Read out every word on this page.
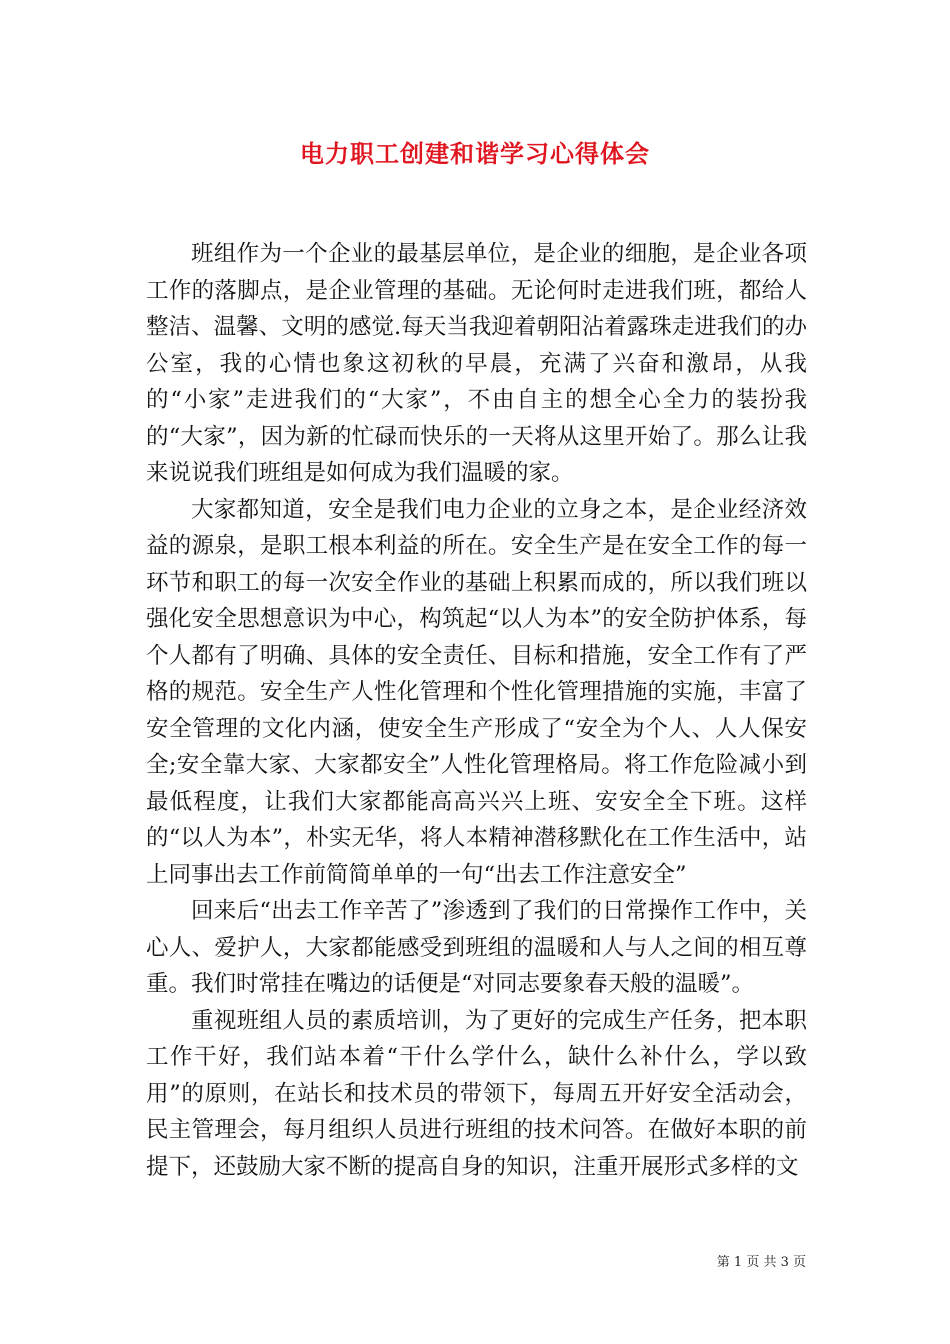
电力职工创建和谐学习心得体会

班组作为一个企业的最基层单位，是企业的细胞，是企业各项工作的落脚点，是企业管理的基础。无论何时走进我们班，都给人整洁、温馨、文明的感觉.每天当我迎着朝阳沾着露珠走进我们的办公室，我的心情也象这初秋的早晨，充满了兴奋和激昂，从我的“小家”走进我们的“大家”，不由自主的想全心全力的装扮我的“大家”，因为新的忙碌而快乐的一天将从这里开始了。那么让我来说说我们班组是如何成为我们温暖的家。

大家都知道，安全是我们电力企业的立身之本，是企业经济效益的源泉，是职工根本利益的所在。安全生产是在安全工作的每一环节和职工的每一次安全作业的基础上积累而成的，所以我们班以强化安全思想意识为中心，构筑起“以人为本”的安全防护体系，每个人都有了明确、具体的安全责任、目标和措施，安全工作有了严格的规范。安全生产人性化管理和个性化管理措施的实施，丰富了安全管理的文化内涵，使安全生产形成了“安全为个人、人人保安全;安全靠大家、大家都安全”人性化管理格局。将工作危险减小到最低程度，让我们大家都能高高兴兴上班、安安全全下班。这样的“以人为本”，朴实无华，将人本精神潜移默化在工作生活中，站上同事出去工作前简简单单的一句“出去工作注意安全”

回来后“出去工作辛苦了”渗透到了我们的日常操作工作中，关心人、爱护人，大家都能感受到班组的温暖和人与人之间的相互尊重。我们时常挂在嘴边的话便是“对同志要象春天般的温暖”。

重视班组人员的素质培训，为了更好的完成生产任务，把本职工作干好，我们站本着“干什么学什么，缺什么补什么，学以致用”的原则，在站长和技术员的带领下，每周五开好安全活动会，民主管理会，每月组织人员进行班组的技术问答。在做好本职的前提下，还鼓励大家不断的提高自身的知识，注重开展形式多样的文

第 1 页 共 3 页
